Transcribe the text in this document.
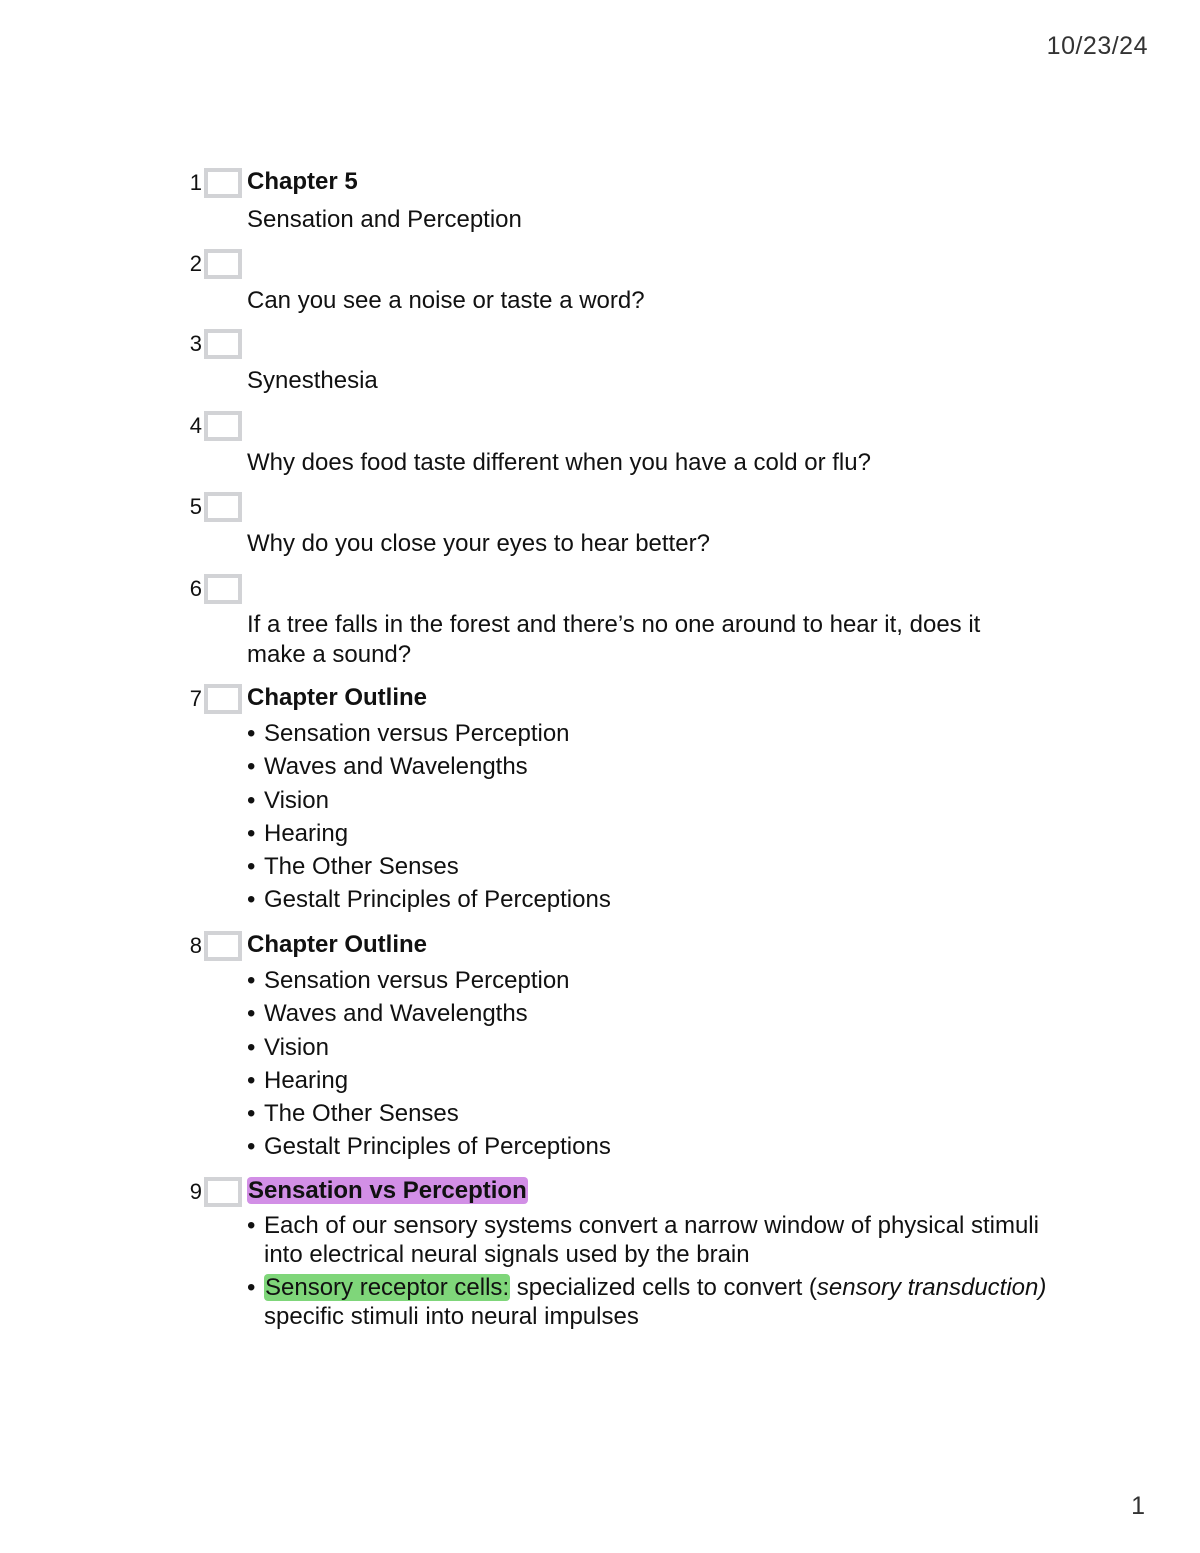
10/23/24
1 Chapter 5
Sensation and Perception
2
Can you see a noise or taste a word?
3
Synesthesia
4
Why does food taste different when you have a cold or flu?
5
Why do you close your eyes to hear better?
6
If a tree falls in the forest and there’s no one around to hear it, does it make a sound?
7 Chapter Outline
• Sensation versus Perception
• Waves and Wavelengths
• Vision
• Hearing
• The Other Senses
• Gestalt Principles of Perceptions
8 Chapter Outline
• Sensation versus Perception
• Waves and Wavelengths
• Vision
• Hearing
• The Other Senses
• Gestalt Principles of Perceptions
9 Sensation vs Perception
• Each of our sensory systems convert a narrow window of physical stimuli into electrical neural signals used by the brain
• Sensory receptor cells: specialized cells to convert (sensory transduction) specific stimuli into neural impulses
1
